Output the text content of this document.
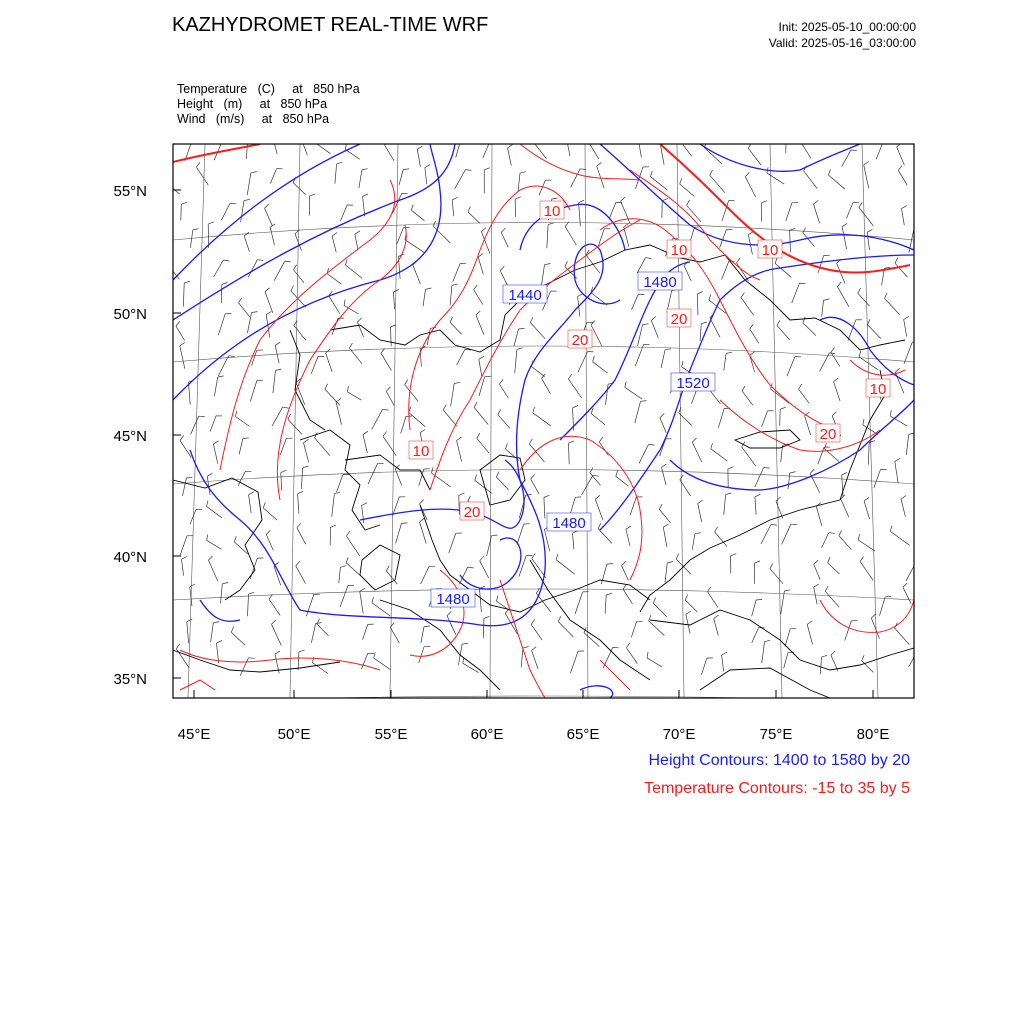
KAZHYDROMET REAL-TIME WRF	Init: 2025-05-10_00:00:00
Valid: 2025-05-16_03:00:00
Temperature   (C)     at   850 hPa
Height   (m)     at   850 hPa
Wind   (m/s)     at   850 hPa
1440
1480
1520
1480
1480
10
10	10
20
20
10
10
20
20
55°N
50°N
45°N
40°N
35°N
45°E	50°E	55°E	60°E	65°E	70°E	75°E	80°E
Height Contours: 1400 to 1580 by 20
Temperature Contours: -15 to 35 by 5
